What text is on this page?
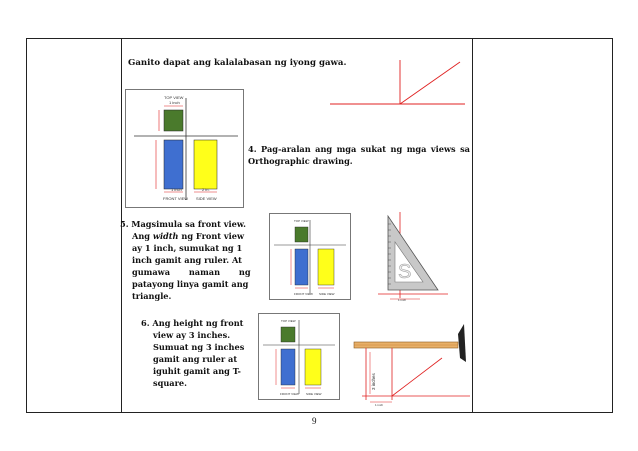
Ganito dapat ang kalalabasan ng iyong gawa.
TOP VIEW
1 inch
1 inch	2 in.
FRONT VIEW SIDE VIEW
4. Pag-aralan ang mga sukat ng mga views sa Orthographic drawing.
5. Magsimula sa front view.
Ang width ng Front view
ay 1 inch, sumukat ng 1
inch gamit ang ruler. At
gumawa naman ng
patayong linya gamit ang
triangle.
TOP VIEW
FRONT VIEW SIDE VIEW
S
1 inch
6. Ang height ng front
view ay 3 inches.
Sumuat ng 3 inches
gamit ang ruler at
iguhit gamit ang T-
square.
TOP VIEW
FRONT VIEW SIDE VIEW
3 inches
1 inch
9
